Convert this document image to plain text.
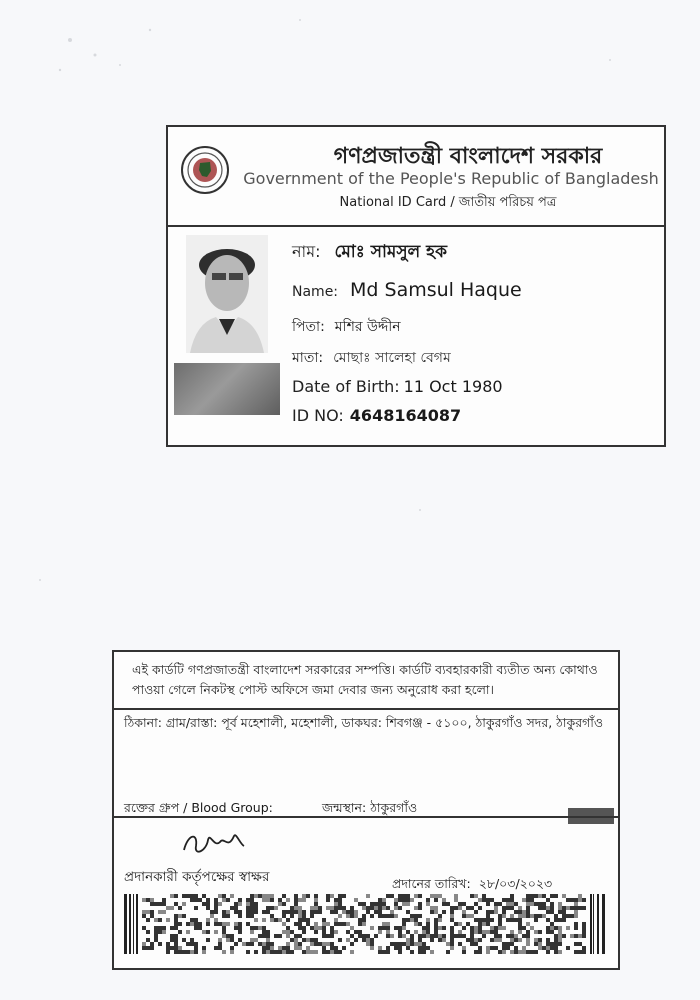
গণপ্রজাতন্ত্রী বাংলাদেশ সরকার
Government of the People's Republic of Bangladesh
National ID Card / জাতীয় পরিচয় পত্র
নাম: মোঃ সামসুল হক
Name: Md Samsul Haque
পিতা: মশির উদ্দীন
মাতা: মোছাঃ সালেহা বেগম
Date of Birth: 11 Oct 1980
ID NO: 4648164087
এই কার্ডটি গণপ্রজাতন্ত্রী বাংলাদেশ সরকারের সম্পত্তি। কার্ডটি ব্যবহারকারী ব্যতীত অন্য কোথাও পাওয়া গেলে নিকটস্থ পোস্ট অফিসে জমা দেবার জন্য অনুরোধ করা হলো।
ঠিকানা: গ্রাম/রাস্তা: পূর্ব মহেশালী, মহেশালী, ডাকঘর: শিবগঞ্জ - ৫১০০, ঠাকুরগাঁও সদর, ঠাকুরগাঁও
রক্তের গ্রুপ / Blood Group:	জন্মস্থান: ঠাকুরগাঁও
প্রদানকারী কর্তৃপক্ষের স্বাক্ষর	প্রদানের তারিখ: ২৮/০৩/২০২৩
